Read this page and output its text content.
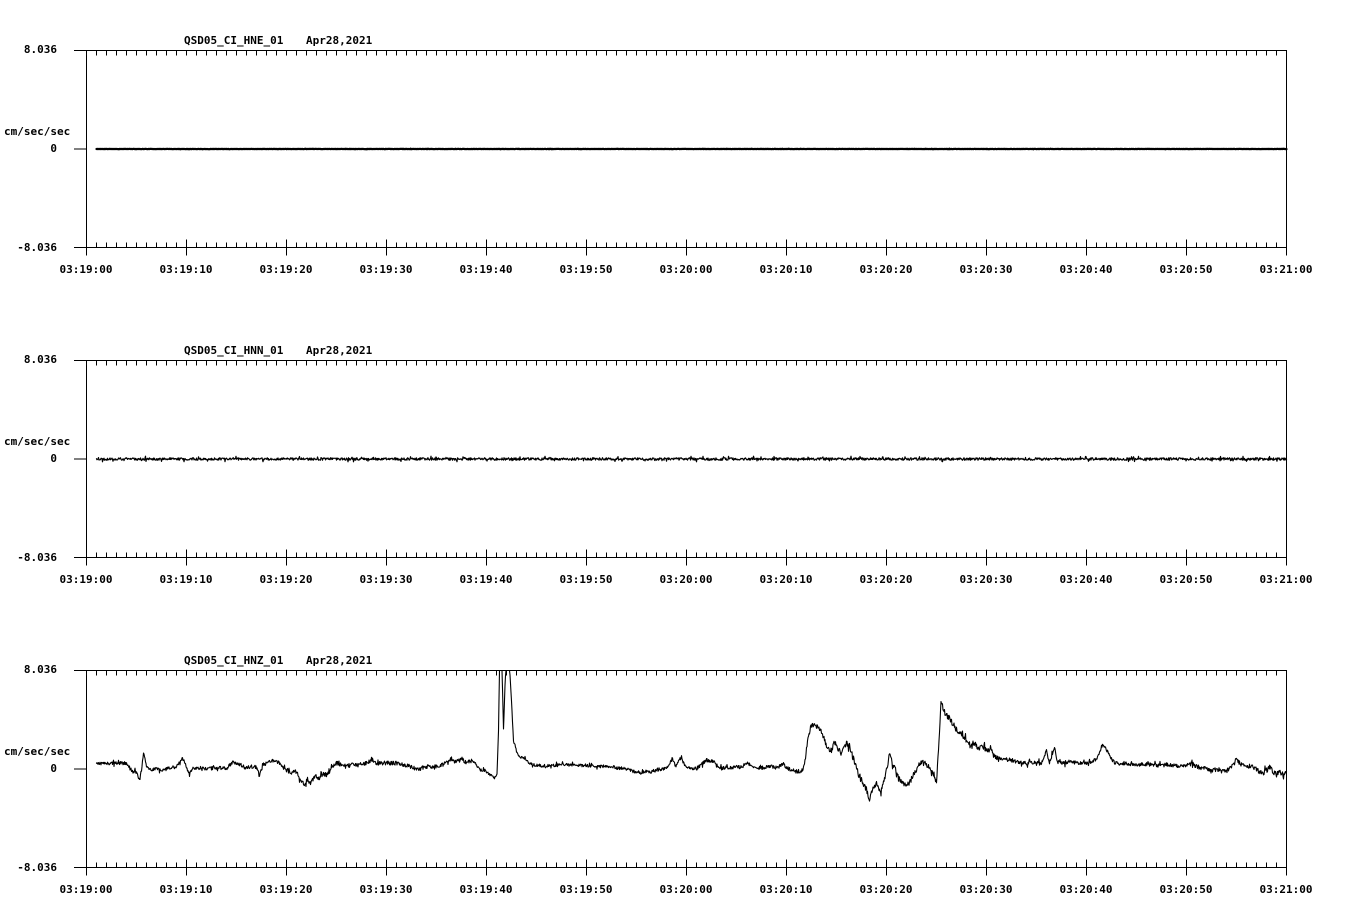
QSD05_CI_HNE_01 Apr28,2021
8.036
cm/sec/sec
0
-8.036
03:19:00	03:19:10	03:19:20	03:19:30	03:19:40	03:19:50	03:20:00	03:20:10	03:20:20	03:20:30	03:20:40	03:20:50	03:21:00
QSD05_CI_HNN_01 Apr28,2021
8.036
cm/sec/sec
0
-8.036
03:19:00	03:19:10	03:19:20	03:19:30	03:19:40	03:19:50	03:20:00	03:20:10	03:20:20	03:20:30	03:20:40	03:20:50	03:21:00
QSD05_CI_HNZ_01 Apr28,2021
8.036
cm/sec/sec
0
-8.036
03:19:00	03:19:10	03:19:20	03:19:30	03:19:40	03:19:50	03:20:00	03:20:10	03:20:20	03:20:30	03:20:40	03:20:50	03:21:00
